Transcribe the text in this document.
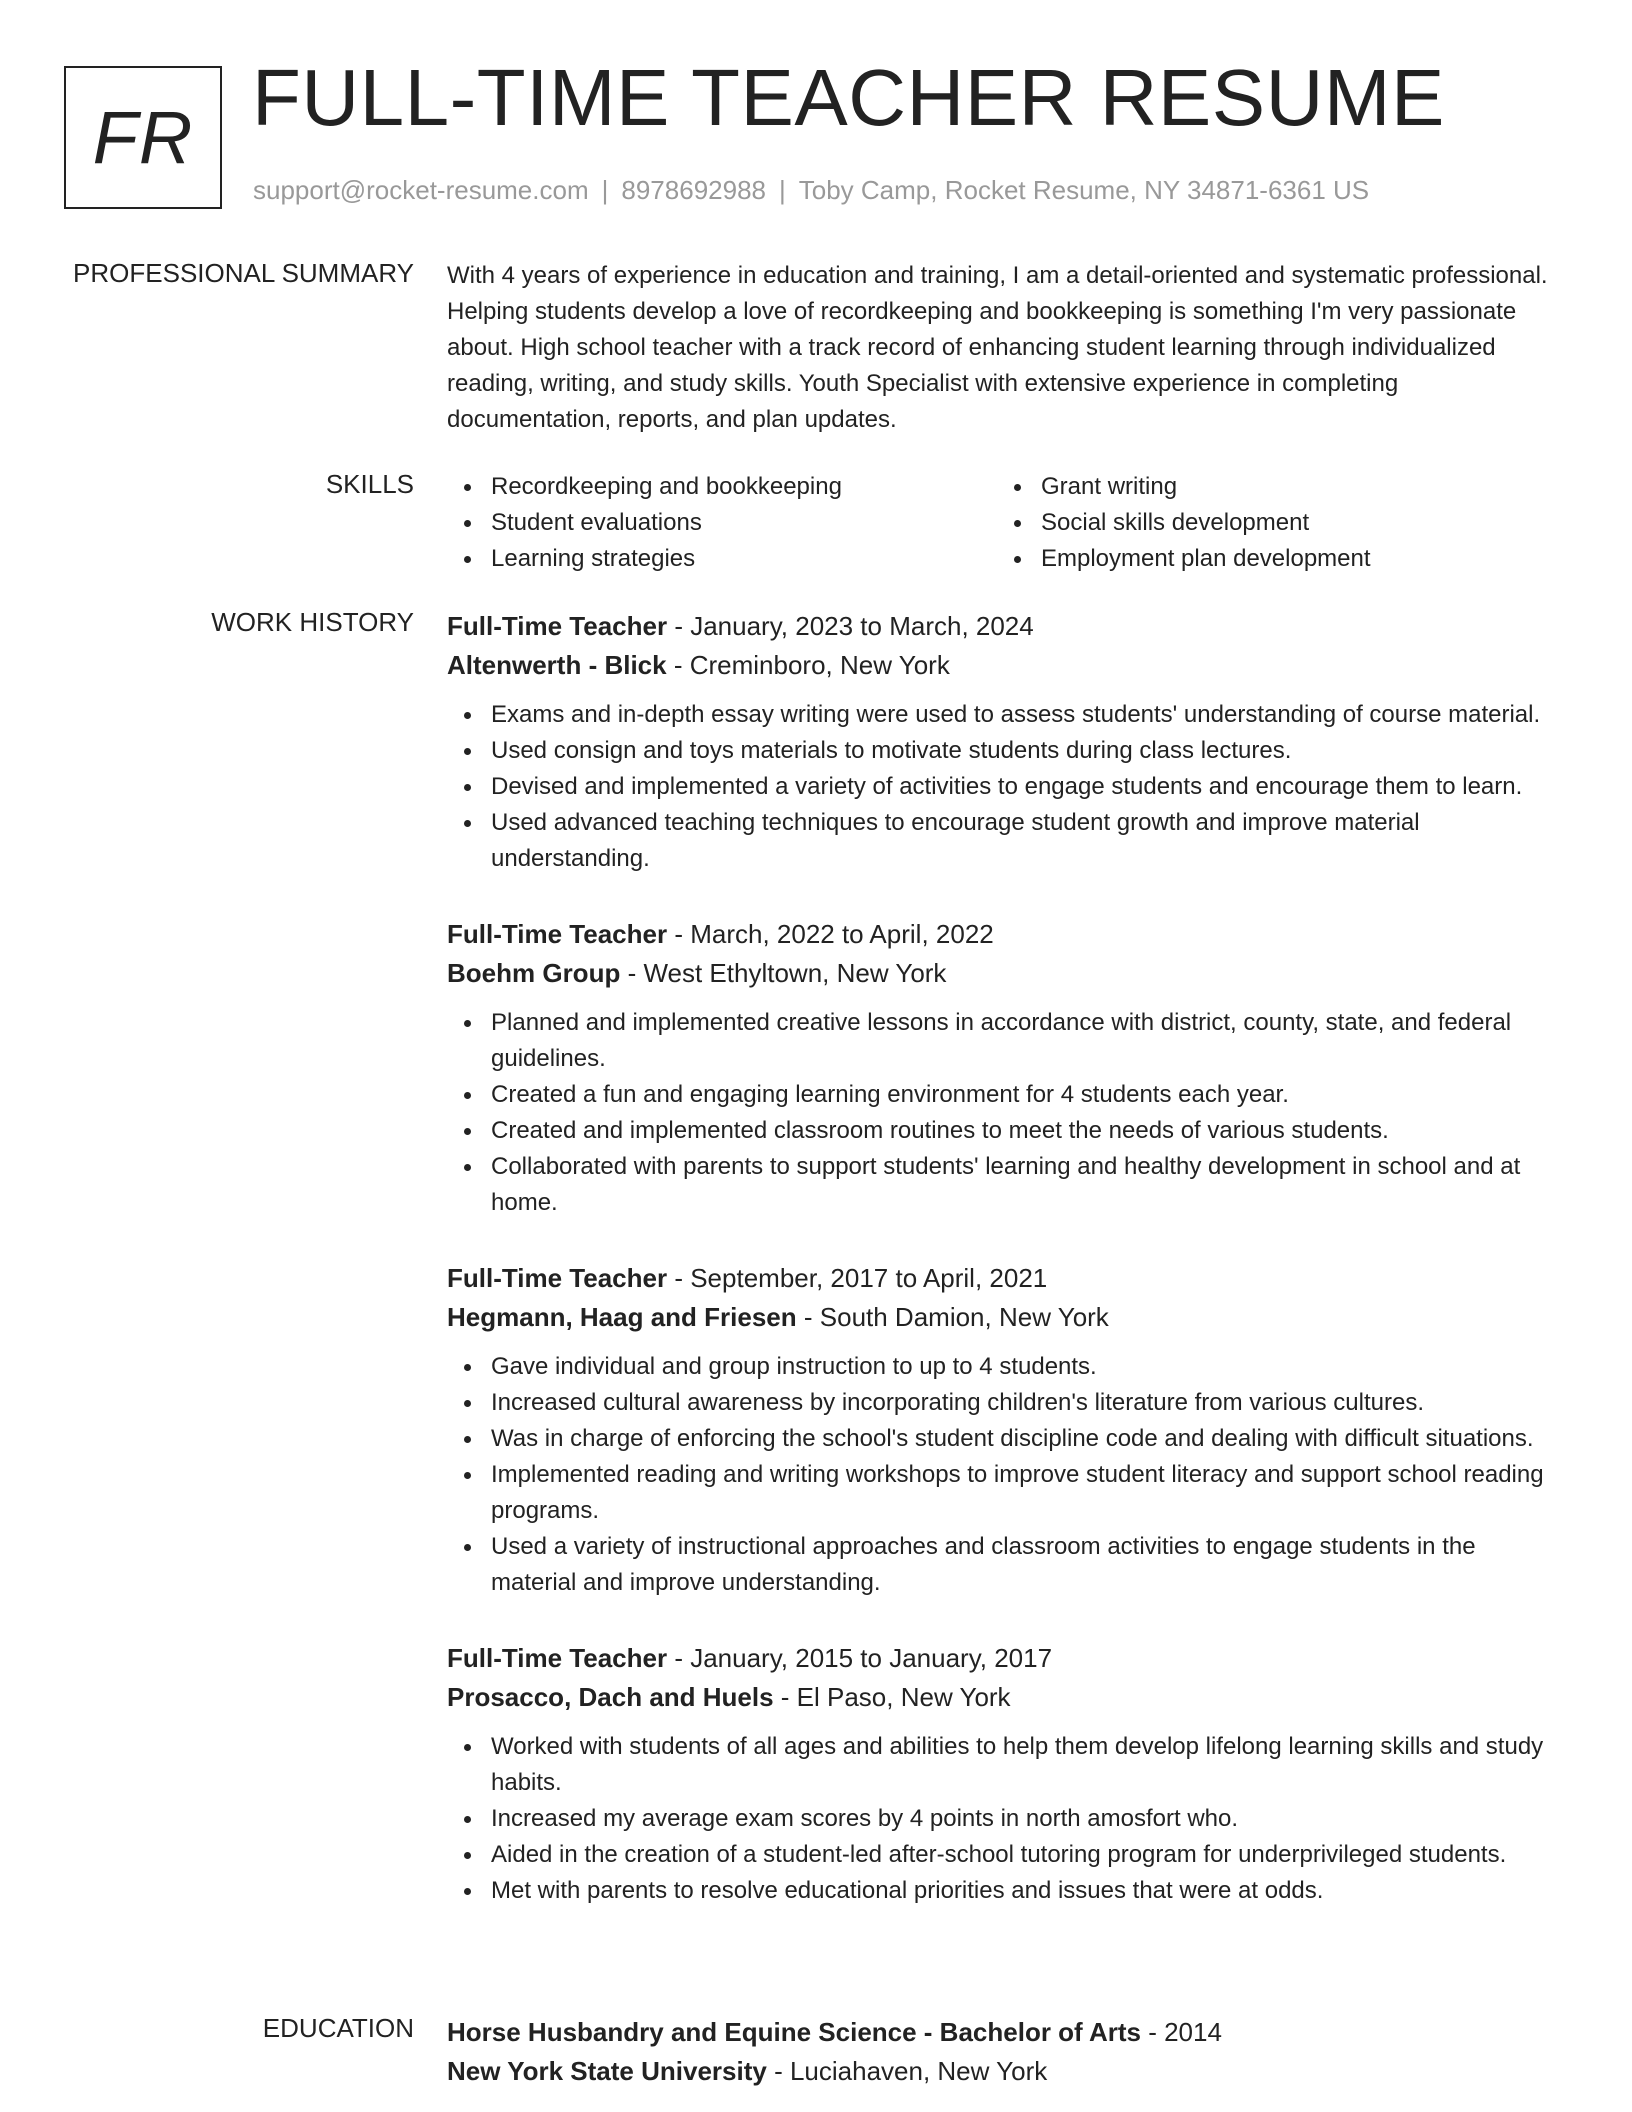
FR FULL-TIME TEACHER RESUME
support@rocket-resume.com | 8978692988 | Toby Camp, Rocket Resume, NY 34871-6361 US
PROFESSIONAL SUMMARY With 4 years of experience in education and training, I am a detail-oriented and systematic professional. Helping students develop a love of recordkeeping and bookkeeping is something I'm very passionate about. High school teacher with a track record of enhancing student learning through individualized reading, writing, and study skills. Youth Specialist with extensive experience in completing documentation, reports, and plan updates.
SKILLS	Recordkeeping and bookkeeping
Student evaluations
Learning strategies
Grant writing
Social skills development
Employment plan development
WORK HISTORY Full-Time Teacher - January, 2023 to March, 2024
Altenwerth - Blick - Creminboro, New York
Exams and in-depth essay writing were used to assess students' understanding of course material.
Used consign and toys materials to motivate students during class lectures.
Devised and implemented a variety of activities to engage students and encourage them to learn.
Used advanced teaching techniques to encourage student growth and improve material understanding.
Full-Time Teacher - March, 2022 to April, 2022
Boehm Group - West Ethyltown, New York
Planned and implemented creative lessons in accordance with district, county, state, and federal guidelines.
Created a fun and engaging learning environment for 4 students each year.
Created and implemented classroom routines to meet the needs of various students.
Collaborated with parents to support students' learning and healthy development in school and at home.
Full-Time Teacher - September, 2017 to April, 2021
Hegmann, Haag and Friesen - South Damion, New York
Gave individual and group instruction to up to 4 students.
Increased cultural awareness by incorporating children's literature from various cultures.
Was in charge of enforcing the school's student discipline code and dealing with difficult situations.
Implemented reading and writing workshops to improve student literacy and support school reading programs.
Used a variety of instructional approaches and classroom activities to engage students in the material and improve understanding.
Full-Time Teacher - January, 2015 to January, 2017
Prosacco, Dach and Huels - El Paso, New York
Worked with students of all ages and abilities to help them develop lifelong learning skills and study habits.
Increased my average exam scores by 4 points in north amosfort who.
Aided in the creation of a student-led after-school tutoring program for underprivileged students.
Met with parents to resolve educational priorities and issues that were at odds.
EDUCATION Horse Husbandry and Equine Science - Bachelor of Arts - 2014
New York State University - Luciahaven, New York
